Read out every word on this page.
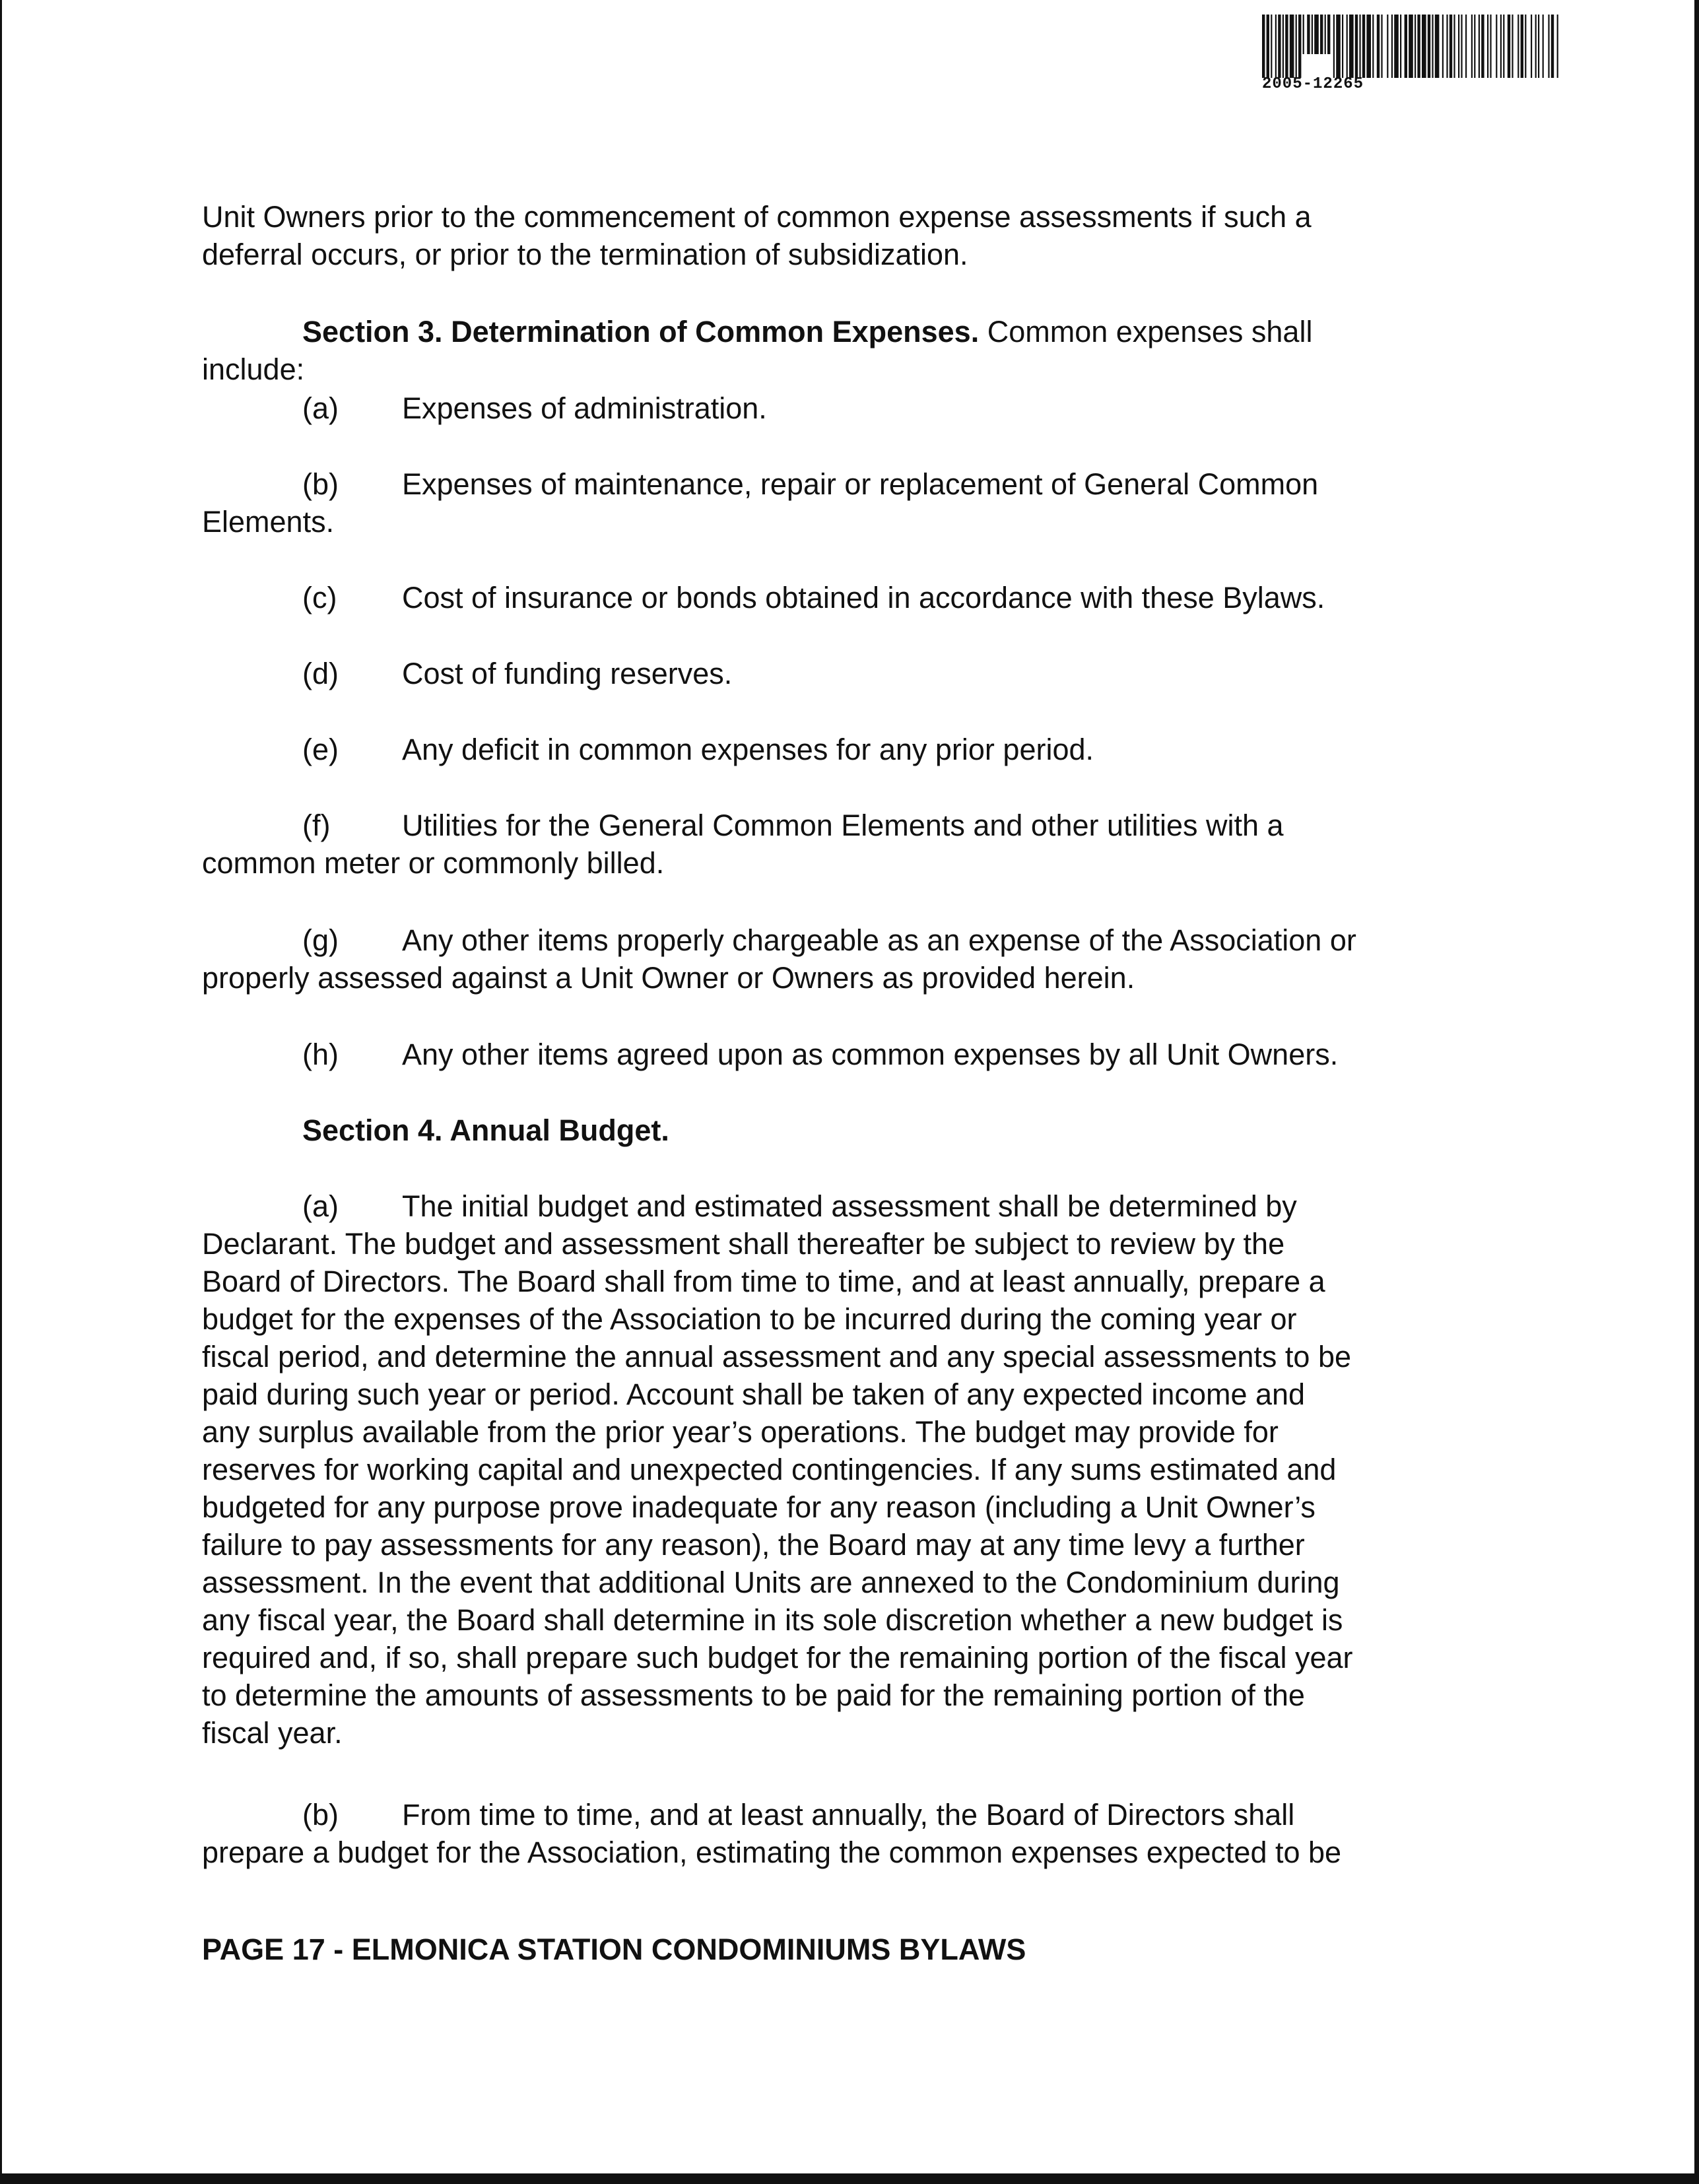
2005-12265
Unit Owners prior to the commencement of common expense assessments if such a
deferral occurs, or prior to the termination of subsidization.
Section 3. Determination of Common Expenses. Common expenses shall
include:
(a) Expenses of administration.
(b) Expenses of maintenance, repair or replacement of General Common
Elements.
(c) Cost of insurance or bonds obtained in accordance with these Bylaws.
(d) Cost of funding reserves.
(e) Any deficit in common expenses for any prior period.
(f) Utilities for the General Common Elements and other utilities with a
common meter or commonly billed.
(g) Any other items properly chargeable as an expense of the Association or
properly assessed against a Unit Owner or Owners as provided herein.
(h) Any other items agreed upon as common expenses by all Unit Owners.
Section 4. Annual Budget.
(a) The initial budget and estimated assessment shall be determined by
Declarant. The budget and assessment shall thereafter be subject to review by the
Board of Directors. The Board shall from time to time, and at least annually, prepare a
budget for the expenses of the Association to be incurred during the coming year or
fiscal period, and determine the annual assessment and any special assessments to be
paid during such year or period. Account shall be taken of any expected income and
any surplus available from the prior year’s operations. The budget may provide for
reserves for working capital and unexpected contingencies. If any sums estimated and
budgeted for any purpose prove inadequate for any reason (including a Unit Owner’s
failure to pay assessments for any reason), the Board may at any time levy a further
assessment. In the event that additional Units are annexed to the Condominium during
any fiscal year, the Board shall determine in its sole discretion whether a new budget is
required and, if so, shall prepare such budget for the remaining portion of the fiscal year
to determine the amounts of assessments to be paid for the remaining portion of the
fiscal year.
(b) From time to time, and at least annually, the Board of Directors shall
prepare a budget for the Association, estimating the common expenses expected to be
PAGE 17 - ELMONICA STATION CONDOMINIUMS BYLAWS
